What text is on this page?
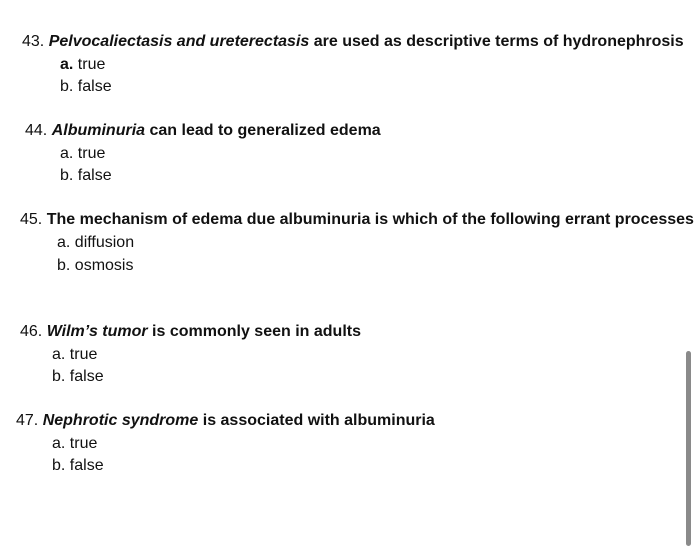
43. Pelvocaliectasis and ureterectasis are used as descriptive terms of hydronephrosis
a. true
b. false
44. Albuminuria can lead to generalized edema
a. true
b. false
45. The mechanism of edema due albuminuria is which of the following errant processes
a. diffusion
b. osmosis
46. Wilm’s tumor is commonly seen in adults
a. true
b. false
47. Nephrotic syndrome is associated with albuminuria
a. true
b. false
